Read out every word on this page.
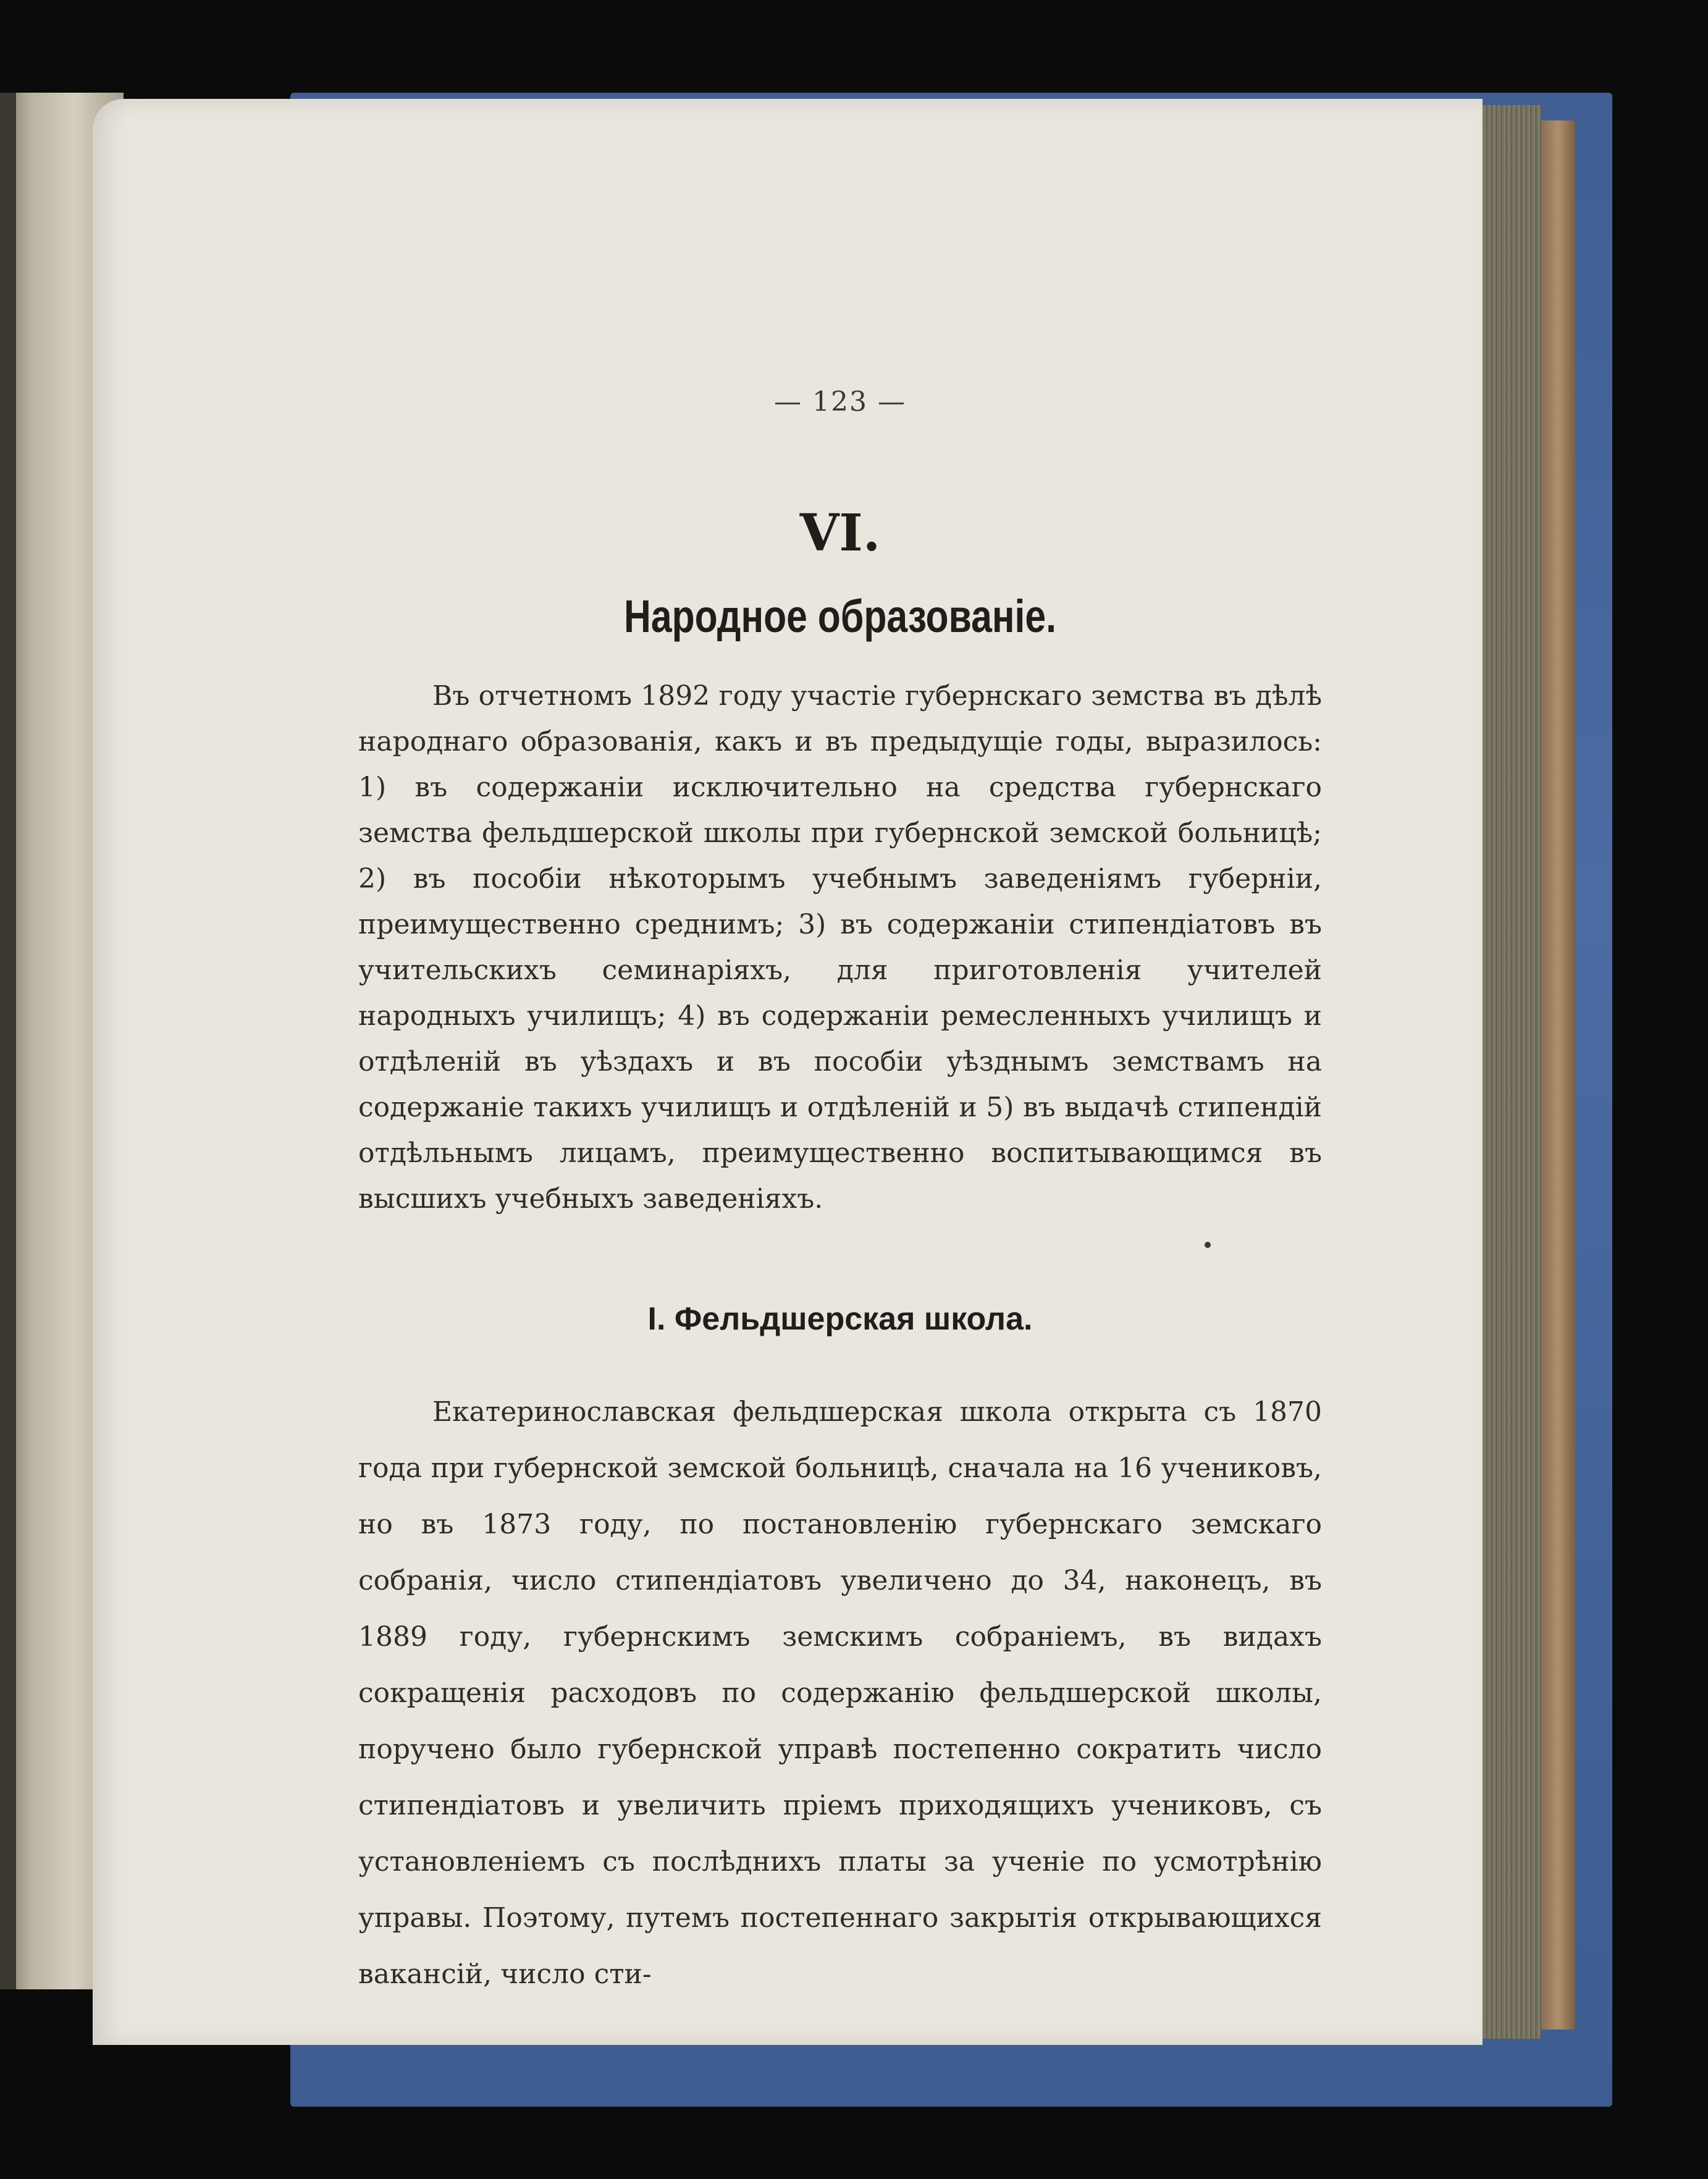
— 123 —
VI.
Народное образованіе.
Въ отчетномъ 1892 году участіе губернскаго земства въ дѣлѣ народнаго образованія, какъ и въ предыдущіе годы, выразилось: 1) въ содержаніи исключительно на средства губернскаго земства фельдшерской школы при губернской земской больницѣ; 2) въ пособіи нѣкоторымъ учебнымъ заведеніямъ губерніи, преимущественно среднимъ; 3) въ содержаніи стипендіатовъ въ учительскихъ семинаріяхъ, для приготовленія учителей народныхъ училищъ; 4) въ содержаніи ремесленныхъ училищъ и отдѣленій въ уѣздахъ и въ пособіи уѣзднымъ земствамъ на содержаніе такихъ училищъ и отдѣленій и 5) въ выдачѣ стипендій отдѣльнымъ лицамъ, преимущественно воспитывающимся въ высшихъ учебныхъ заведеніяхъ.
I. Фельдшерская школа.
Екатеринославская фельдшерская школа открыта съ 1870 года при губернской земской больницѣ, сначала на 16 учениковъ, но въ 1873 году, по постановленію губернскаго земскаго собранія, число стипендіатовъ увеличено до 34, наконецъ, въ 1889 году, губернскимъ земскимъ собраніемъ, въ видахъ сокращенія расходовъ по содержанію фельдшерской школы, поручено было губернской управѣ постепенно сократить число стипендіатовъ и увеличить пріемъ приходящихъ учениковъ, съ установленіемъ съ послѣднихъ платы за ученіе по усмотрѣнію управы. Поэтому, путемъ постепеннаго закрытія открывающихся вакансій, число сти-
